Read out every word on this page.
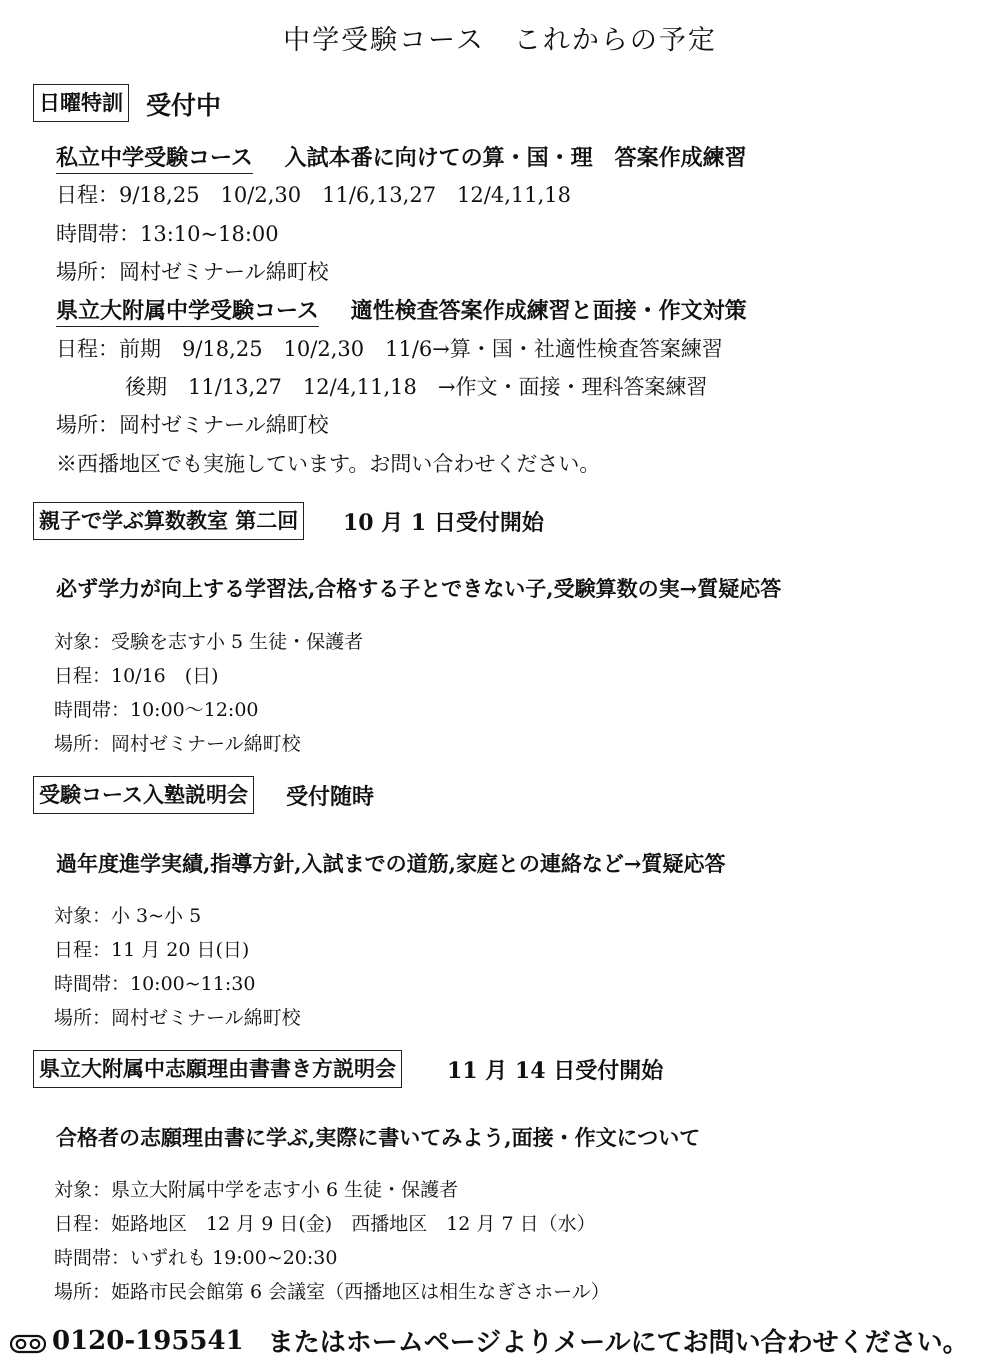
中学受験コース　これからの予定
日曜特訓 受付中
私立中学受験コース 入試本番に向けての算・国・理　答案作成練習
日程：9/18,25　10/2,30　11/6,13,27　12/4,11,18
時間帯：13:10~18:00
場所：岡村ゼミナール綿町校
県立大附属中学受験コース 適性検査答案作成練習と面接・作文対策
日程：前期　9/18,25　10/2,30　11/6→算・国・社適性検査答案練習
後期　11/13,27　12/4,11,18　→作文・面接・理科答案練習
場所：岡村ゼミナール綿町校
※西播地区でも実施しています。お問い合わせください。
親子で学ぶ算数教室 第二回 10 月 1 日受付開始
必ず学力が向上する学習法,合格する子とできない子,受験算数の実→質疑応答
対象：受験を志す小 5 生徒・保護者
日程：10/16　(日)
時間帯：10:00〜12:00
場所：岡村ゼミナール綿町校
受験コース入塾説明会 受付随時
過年度進学実績,指導方針,入試までの道筋,家庭との連絡など→質疑応答
対象：小 3~小 5
日程：11 月 20 日(日)
時間帯：10:00~11:30
場所：岡村ゼミナール綿町校
県立大附属中志願理由書書き方説明会 11 月 14 日受付開始
合格者の志願理由書に学ぶ,実際に書いてみよう,面接・作文について
対象：県立大附属中学を志す小 6 生徒・保護者
日程：姫路地区　12 月 9 日(金)　西播地区　12 月 7 日（水）
時間帯：いずれも 19:00~20:30
場所：姫路市民会館第 6 会議室（西播地区は相生なぎさホール）
0120-195541 またはホームページよりメールにてお問い合わせください。
